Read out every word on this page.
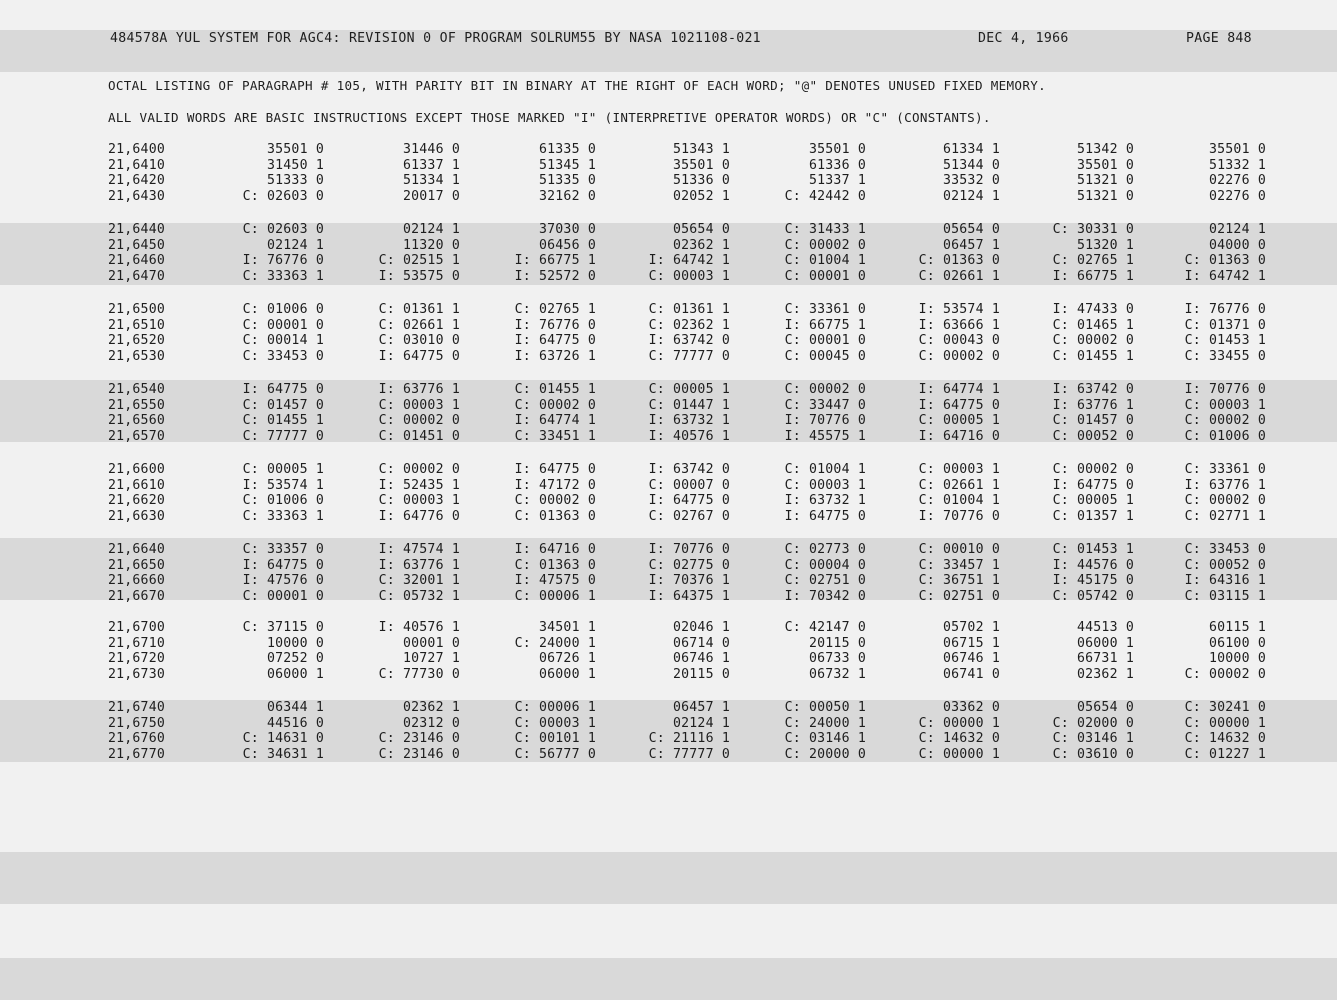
484578A YUL SYSTEM FOR AGC4: REVISION 0 OF PROGRAM SOLRUM55 BY NASA 1021108-021	DEC 4, 1966	PAGE 848
OCTAL LISTING OF PARAGRAPH # 105, WITH PARITY BIT IN BINARY AT THE RIGHT OF EACH WORD; "@" DENOTES UNUSED FIXED MEMORY.
ALL VALID WORDS ARE BASIC INSTRUCTIONS EXCEPT THOSE MARKED "I" (INTERPRETIVE OPERATOR WORDS) OR "C" (CONSTANTS).
21,6400	35501 0	31446 0	61335 0	51343 1	35501 0	61334 1	51342 0	35501 0
21,6410	31450 1	61337 1	51345 1	35501 0	61336 0	51344 0	35501 0	51332 1
21,6420	51333 0	51334 1	51335 0	51336 0	51337 1	33532 0	51321 0	02276 0
21,6430	C: 02603 0	20017 0	32162 0	02052 1	C: 42442 0	02124 1	51321 0	02276 0
21,6440	C: 02603 0	02124 1	37030 0	05654 0	C: 31433 1	05654 0	C: 30331 0	02124 1
21,6450	02124 1	11320 0	06456 0	02362 1	C: 00002 0	06457 1	51320 1	04000 0
21,6460	I: 76776 0	C: 02515 1	I: 66775 1	I: 64742 1	C: 01004 1	C: 01363 0	C: 02765 1	C: 01363 0
21,6470	C: 33363 1	I: 53575 0	I: 52572 0	C: 00003 1	C: 00001 0	C: 02661 1	I: 66775 1	I: 64742 1
21,6500	C: 01006 0	C: 01361 1	C: 02765 1	C: 01361 1	C: 33361 0	I: 53574 1	I: 47433 0	I: 76776 0
21,6510	C: 00001 0	C: 02661 1	I: 76776 0	C: 02362 1	I: 66775 1	I: 63666 1	C: 01465 1	C: 01371 0
21,6520	C: 00014 1	C: 03010 0	I: 64775 0	I: 63742 0	C: 00001 0	C: 00043 0	C: 00002 0	C: 01453 1
21,6530	C: 33453 0	I: 64775 0	I: 63726 1	C: 77777 0	C: 00045 0	C: 00002 0	C: 01455 1	C: 33455 0
21,6540	I: 64775 0	I: 63776 1	C: 01455 1	C: 00005 1	C: 00002 0	I: 64774 1	I: 63742 0	I: 70776 0
21,6550	C: 01457 0	C: 00003 1	C: 00002 0	C: 01447 1	C: 33447 0	I: 64775 0	I: 63776 1	C: 00003 1
21,6560	C: 01455 1	C: 00002 0	I: 64774 1	I: 63732 1	I: 70776 0	C: 00005 1	C: 01457 0	C: 00002 0
21,6570	C: 77777 0	C: 01451 0	C: 33451 1	I: 40576 1	I: 45575 1	I: 64716 0	C: 00052 0	C: 01006 0
21,6600	C: 00005 1	C: 00002 0	I: 64775 0	I: 63742 0	C: 01004 1	C: 00003 1	C: 00002 0	C: 33361 0
21,6610	I: 53574 1	I: 52435 1	I: 47172 0	C: 00007 0	C: 00003 1	C: 02661 1	I: 64775 0	I: 63776 1
21,6620	C: 01006 0	C: 00003 1	C: 00002 0	I: 64775 0	I: 63732 1	C: 01004 1	C: 00005 1	C: 00002 0
21,6630	C: 33363 1	I: 64776 0	C: 01363 0	C: 02767 0	I: 64775 0	I: 70776 0	C: 01357 1	C: 02771 1
21,6640	C: 33357 0	I: 47574 1	I: 64716 0	I: 70776 0	C: 02773 0	C: 00010 0	C: 01453 1	C: 33453 0
21,6650	I: 64775 0	I: 63776 1	C: 01363 0	C: 02775 0	C: 00004 0	C: 33457 1	I: 44576 0	C: 00052 0
21,6660	I: 47576 0	C: 32001 1	I: 47575 0	I: 70376 1	C: 02751 0	C: 36751 1	I: 45175 0	I: 64316 1
21,6670	C: 00001 0	C: 05732 1	C: 00006 1	I: 64375 1	I: 70342 0	C: 02751 0	C: 05742 0	C: 03115 1
21,6700	C: 37115 0	I: 40576 1	34501 1	02046 1	C: 42147 0	05702 1	44513 0	60115 1
21,6710	10000 0	00001 0	C: 24000 1	06714 0	20115 0	06715 1	06000 1	06100 0
21,6720	07252 0	10727 1	06726 1	06746 1	06733 0	06746 1	66731 1	10000 0
21,6730	06000 1	C: 77730 0	06000 1	20115 0	06732 1	06741 0	02362 1	C: 00002 0
21,6740	06344 1	02362 1	C: 00006 1	06457 1	C: 00050 1	03362 0	05654 0	C: 30241 0
21,6750	44516 0	02312 0	C: 00003 1	02124 1	C: 24000 1	C: 00000 1	C: 02000 0	C: 00000 1
21,6760	C: 14631 0	C: 23146 0	C: 00101 1	C: 21116 1	C: 03146 1	C: 14632 0	C: 03146 1	C: 14632 0
21,6770	C: 34631 1	C: 23146 0	C: 56777 0	C: 77777 0	C: 20000 0	C: 00000 1	C: 03610 0	C: 01227 1
